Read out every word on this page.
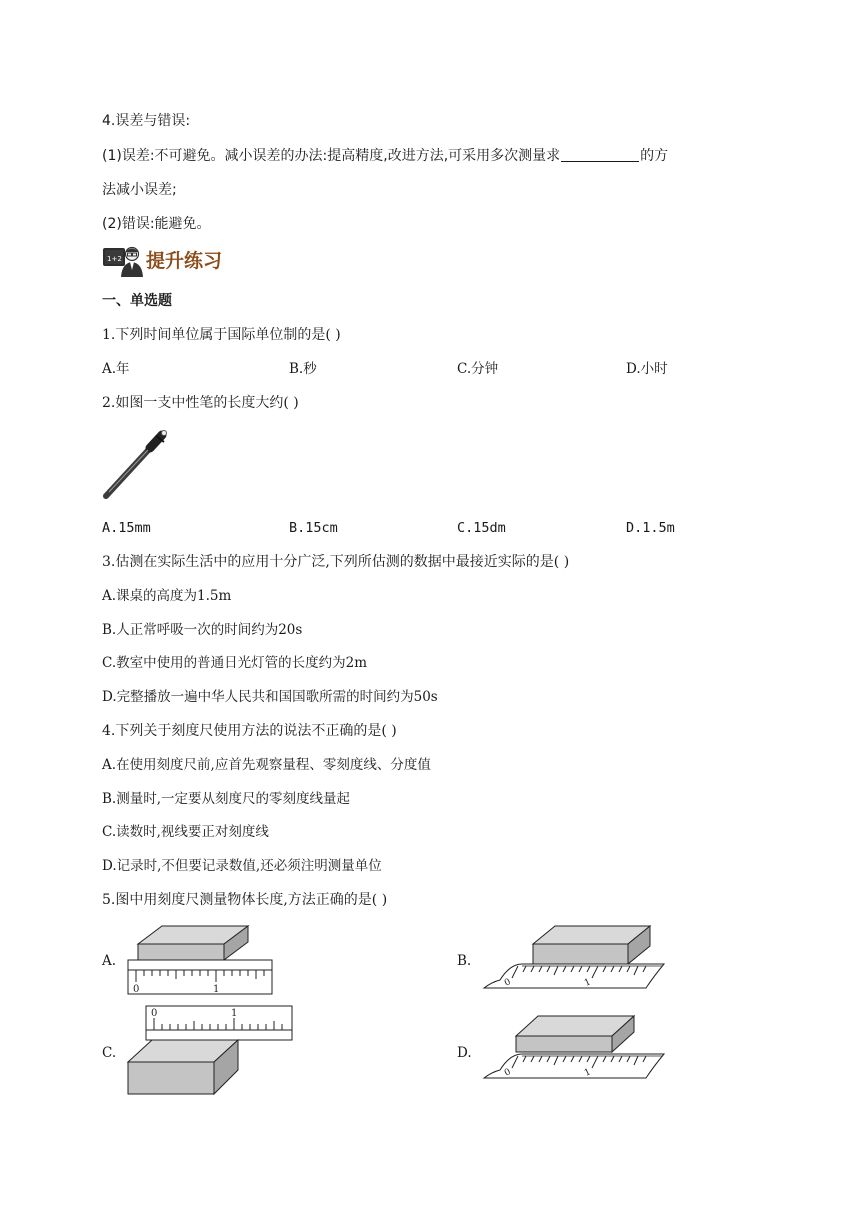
4.误差与错误:
(1)误差:不可避免。减小误差的办法:提高精度,改进方法,可采用多次测量求	的方
法减小误差;
(2)错误:能避免。
1+2 提升练习
一、单选题
1.下列时间单位属于国际单位制的是( )
A.年	B.秒	C.分钟	D.小时
2.如图一支中性笔的长度大约( )
A.15mm	B.15cm	C.15dm	D.1.5m
3.估测在实际生活中的应用十分广泛,下列所估测的数据中最接近实际的是( )
A.课桌的高度为1.5m
B.人正常呼吸一次的时间约为20s
C.教室中使用的普通日光灯管的长度约为2m
D.完整播放一遍中华人民共和国国歌所需的时间约为50s
4.下列关于刻度尺使用方法的说法不正确的是( )
A.在使用刻度尺前,应首先观察量程、零刻度线、分度值
B.测量时,一定要从刻度尺的零刻度线量起
C.读数时,视线要正对刻度线
D.记录时,不但要记录数值,还必须注明测量单位
5.图中用刻度尺测量物体长度,方法正确的是( )
A.
0	1
B.
0	1
C.
0	1
D.
0	1
